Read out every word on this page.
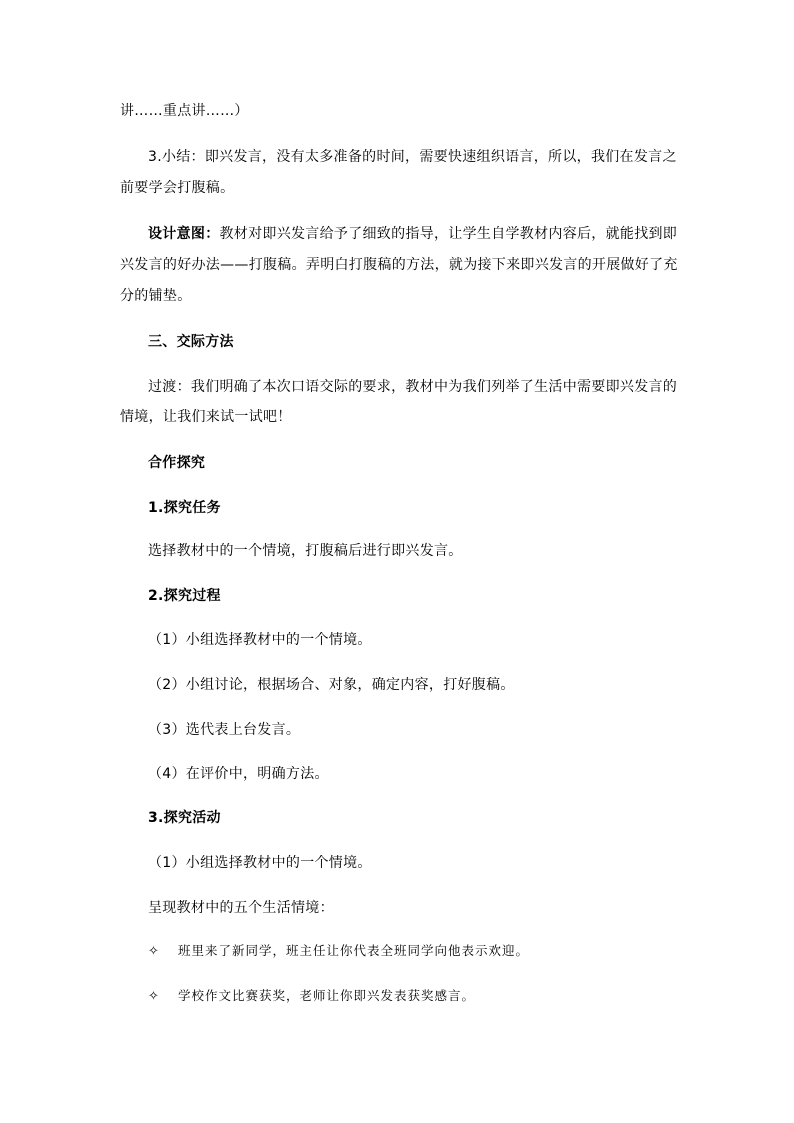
讲……重点讲……）
3.小结：即兴发言，没有太多准备的时间，需要快速组织语言，所以，我们在发言之
前要学会打腹稿。
设计意图：教材对即兴发言给予了细致的指导，让学生自学教材内容后，就能找到即
兴发言的好办法——打腹稿。弄明白打腹稿的方法，就为接下来即兴发言的开展做好了充
分的铺垫。
三、交际方法
过渡：我们明确了本次口语交际的要求，教材中为我们列举了生活中需要即兴发言的
情境，让我们来试一试吧！
合作探究
1.探究任务
选择教材中的一个情境，打腹稿后进行即兴发言。
2.探究过程
（1）小组选择教材中的一个情境。
（2）小组讨论，根据场合、对象，确定内容，打好腹稿。
（3）选代表上台发言。
（4）在评价中，明确方法。
3.探究活动
（1）小组选择教材中的一个情境。
呈现教材中的五个生活情境：
✧ 班里来了新同学，班主任让你代表全班同学向他表示欢迎。
✧ 学校作文比赛获奖，老师让你即兴发表获奖感言。
